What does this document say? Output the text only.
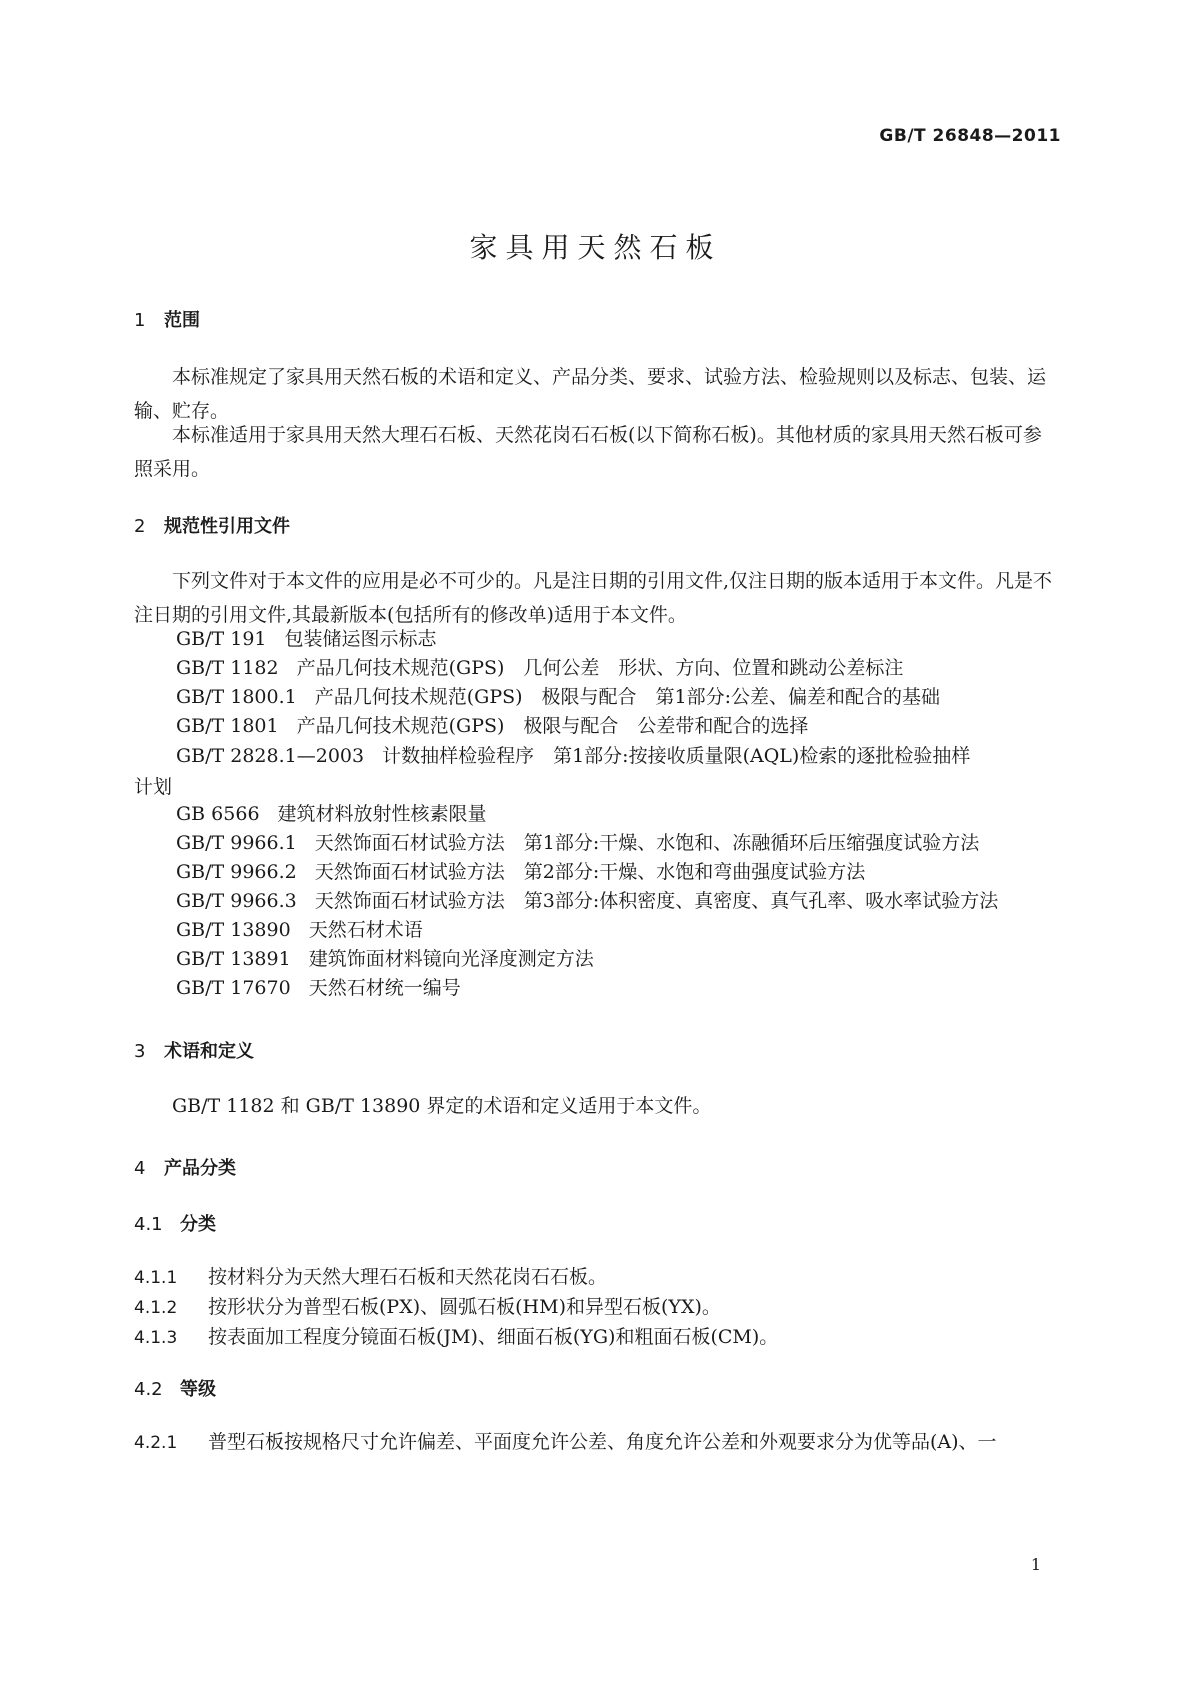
GB/T 26848—2011
家具用天然石板
1 范围
本标准规定了家具用天然石板的术语和定义、产品分类、要求、试验方法、检验规则以及标志、包装、运输、贮存。
本标准适用于家具用天然大理石石板、天然花岗石石板(以下简称石板)。其他材质的家具用天然石板可参照采用。
2 规范性引用文件
下列文件对于本文件的应用是必不可少的。凡是注日期的引用文件,仅注日期的版本适用于本文件。凡是不注日期的引用文件,其最新版本(包括所有的修改单)适用于本文件。
GB/T 191 包装储运图示标志
GB/T 1182 产品几何技术规范(GPS)　几何公差　形状、方向、位置和跳动公差标注
GB/T 1800.1 产品几何技术规范(GPS)　极限与配合　第1部分:公差、偏差和配合的基础
GB/T 1801 产品几何技术规范(GPS)　极限与配合　公差带和配合的选择
GB/T 2828.1—2003 计数抽样检验程序　第1部分:按接收质量限(AQL)检索的逐批检验抽样
计划
GB 6566 建筑材料放射性核素限量
GB/T 9966.1 天然饰面石材试验方法　第1部分:干燥、水饱和、冻融循环后压缩强度试验方法
GB/T 9966.2 天然饰面石材试验方法　第2部分:干燥、水饱和弯曲强度试验方法
GB/T 9966.3 天然饰面石材试验方法　第3部分:体积密度、真密度、真气孔率、吸水率试验方法
GB/T 13890 天然石材术语
GB/T 13891 建筑饰面材料镜向光泽度测定方法
GB/T 17670 天然石材统一编号
3 术语和定义
GB/T 1182 和 GB/T 13890 界定的术语和定义适用于本文件。
4 产品分类
4.1 分类
4.1.1 按材料分为天然大理石石板和天然花岗石石板。
4.1.2 按形状分为普型石板(PX)、圆弧石板(HM)和异型石板(YX)。
4.1.3 按表面加工程度分镜面石板(JM)、细面石板(YG)和粗面石板(CM)。
4.2 等级
4.2.1 普型石板按规格尺寸允许偏差、平面度允许公差、角度允许公差和外观要求分为优等品(A)、一
1
